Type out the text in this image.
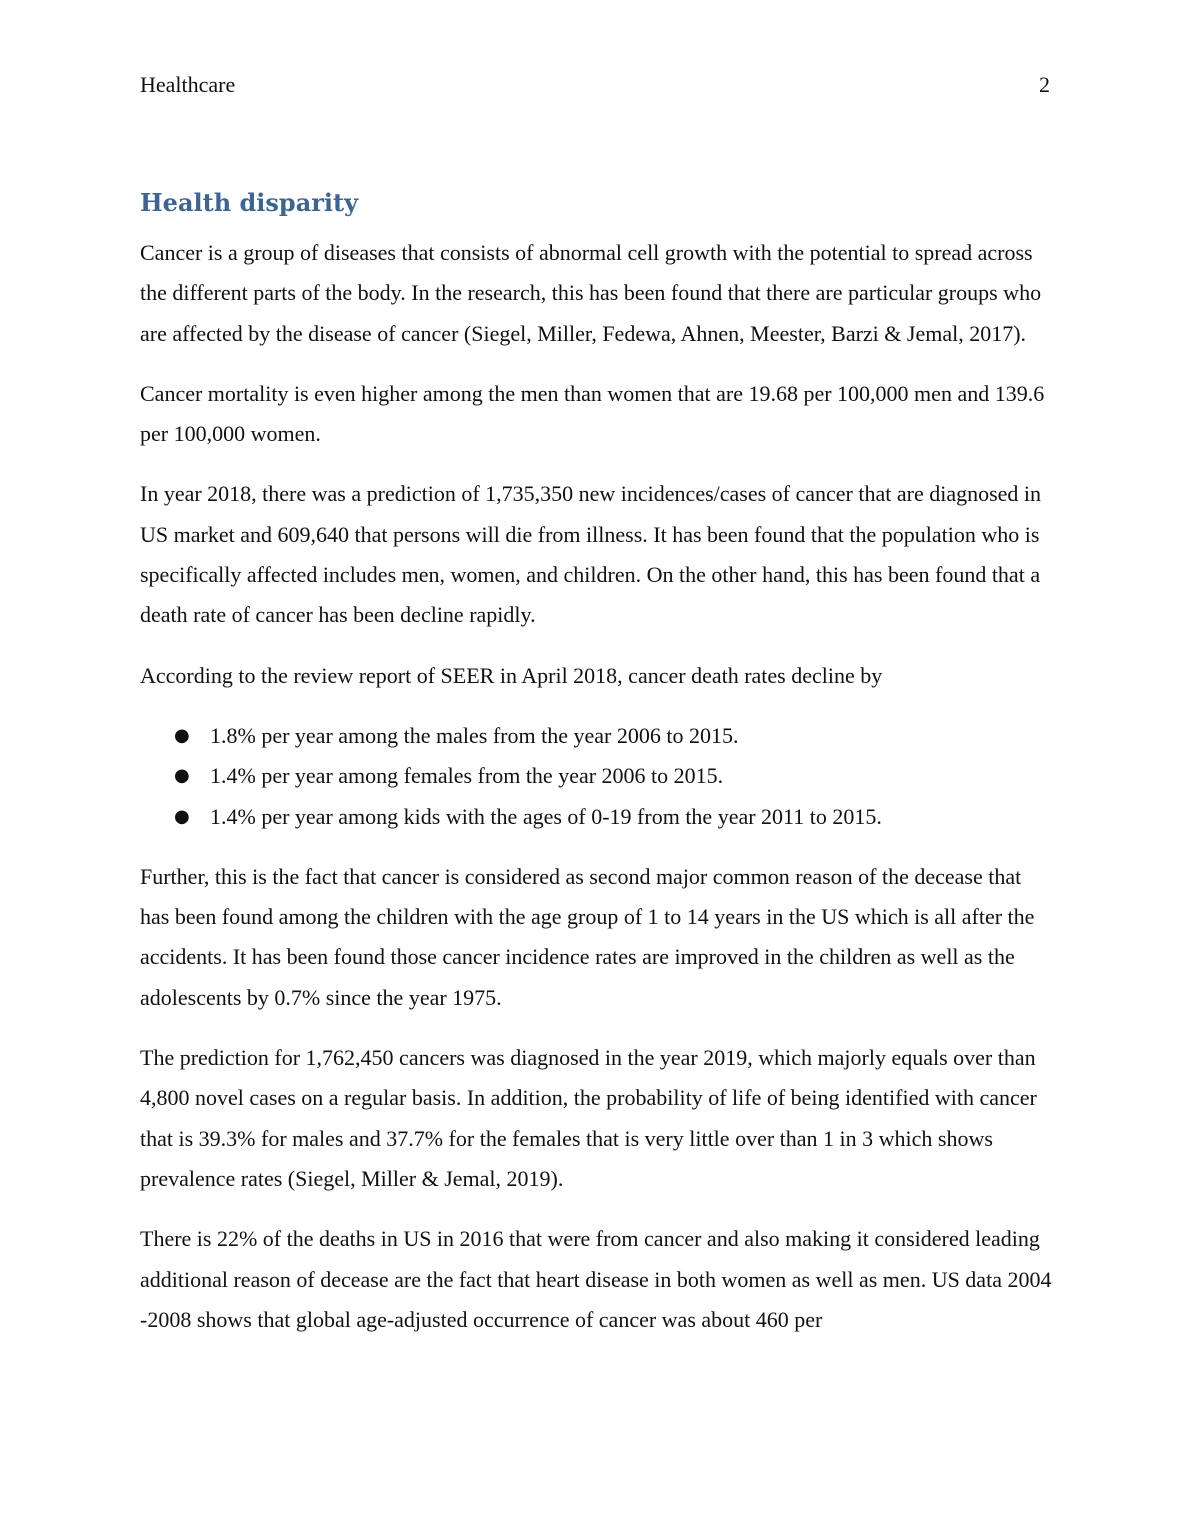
Healthcare	2
Health disparity

Cancer is a group of diseases that consists of abnormal cell growth with the potential to spread across the different parts of the body. In the research, this has been found that there are particular groups who are affected by the disease of cancer (Siegel, Miller, Fedewa, Ahnen, Meester, Barzi & Jemal, 2017).

Cancer mortality is even higher among the men than women that are 19.68 per 100,000 men and 139.6 per 100,000 women.

In year 2018, there was a prediction of 1,735,350 new incidences/cases of cancer that are diagnosed in US market and 609,640 that persons will die from illness. It has been found that the population who is specifically affected includes men, women, and children. On the other hand, this has been found that a death rate of cancer has been decline rapidly.

According to the review report of SEER in April 2018, cancer death rates decline by

● 1.8% per year among the males from the year 2006 to 2015.
● 1.4% per year among females from the year 2006 to 2015.
● 1.4% per year among kids with the ages of 0-19 from the year 2011 to 2015.

Further, this is the fact that cancer is considered as second major common reason of the decease that has been found among the children with the age group of 1 to 14 years in the US which is all after the accidents. It has been found those cancer incidence rates are improved in the children as well as the adolescents by 0.7% since the year 1975.

The prediction for 1,762,450 cancers was diagnosed in the year 2019, which majorly equals over than 4,800 novel cases on a regular basis. In addition, the probability of life of being identified with cancer that is 39.3% for males and 37.7% for the females that is very little over than 1 in 3 which shows prevalence rates (Siegel, Miller & Jemal, 2019).

There is 22% of the deaths in US in 2016 that were from cancer and also making it considered leading additional reason of decease are the fact that heart disease in both women as well as men. US data 2004 -2008 shows that global age-adjusted occurrence of cancer was about 460 per
